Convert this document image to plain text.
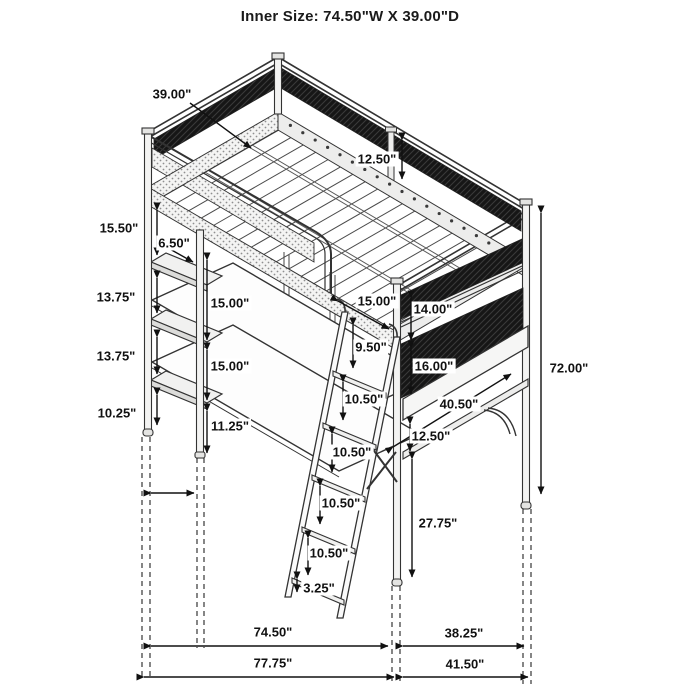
Inner Size: 74.50"W X 39.00"D
39.00"
12.50"
15.50"
6.50"
13.75"	15.00"	15.00"
14.00"
9.50"
13.75"
15.00"	16.00"
10.25"
10.50"	40.50"
11.25"
12.50"
10.50"
10.50"
27.75"
10.50"
3.25"
72.00"
74.50"	38.25"
77.75"	41.50"
